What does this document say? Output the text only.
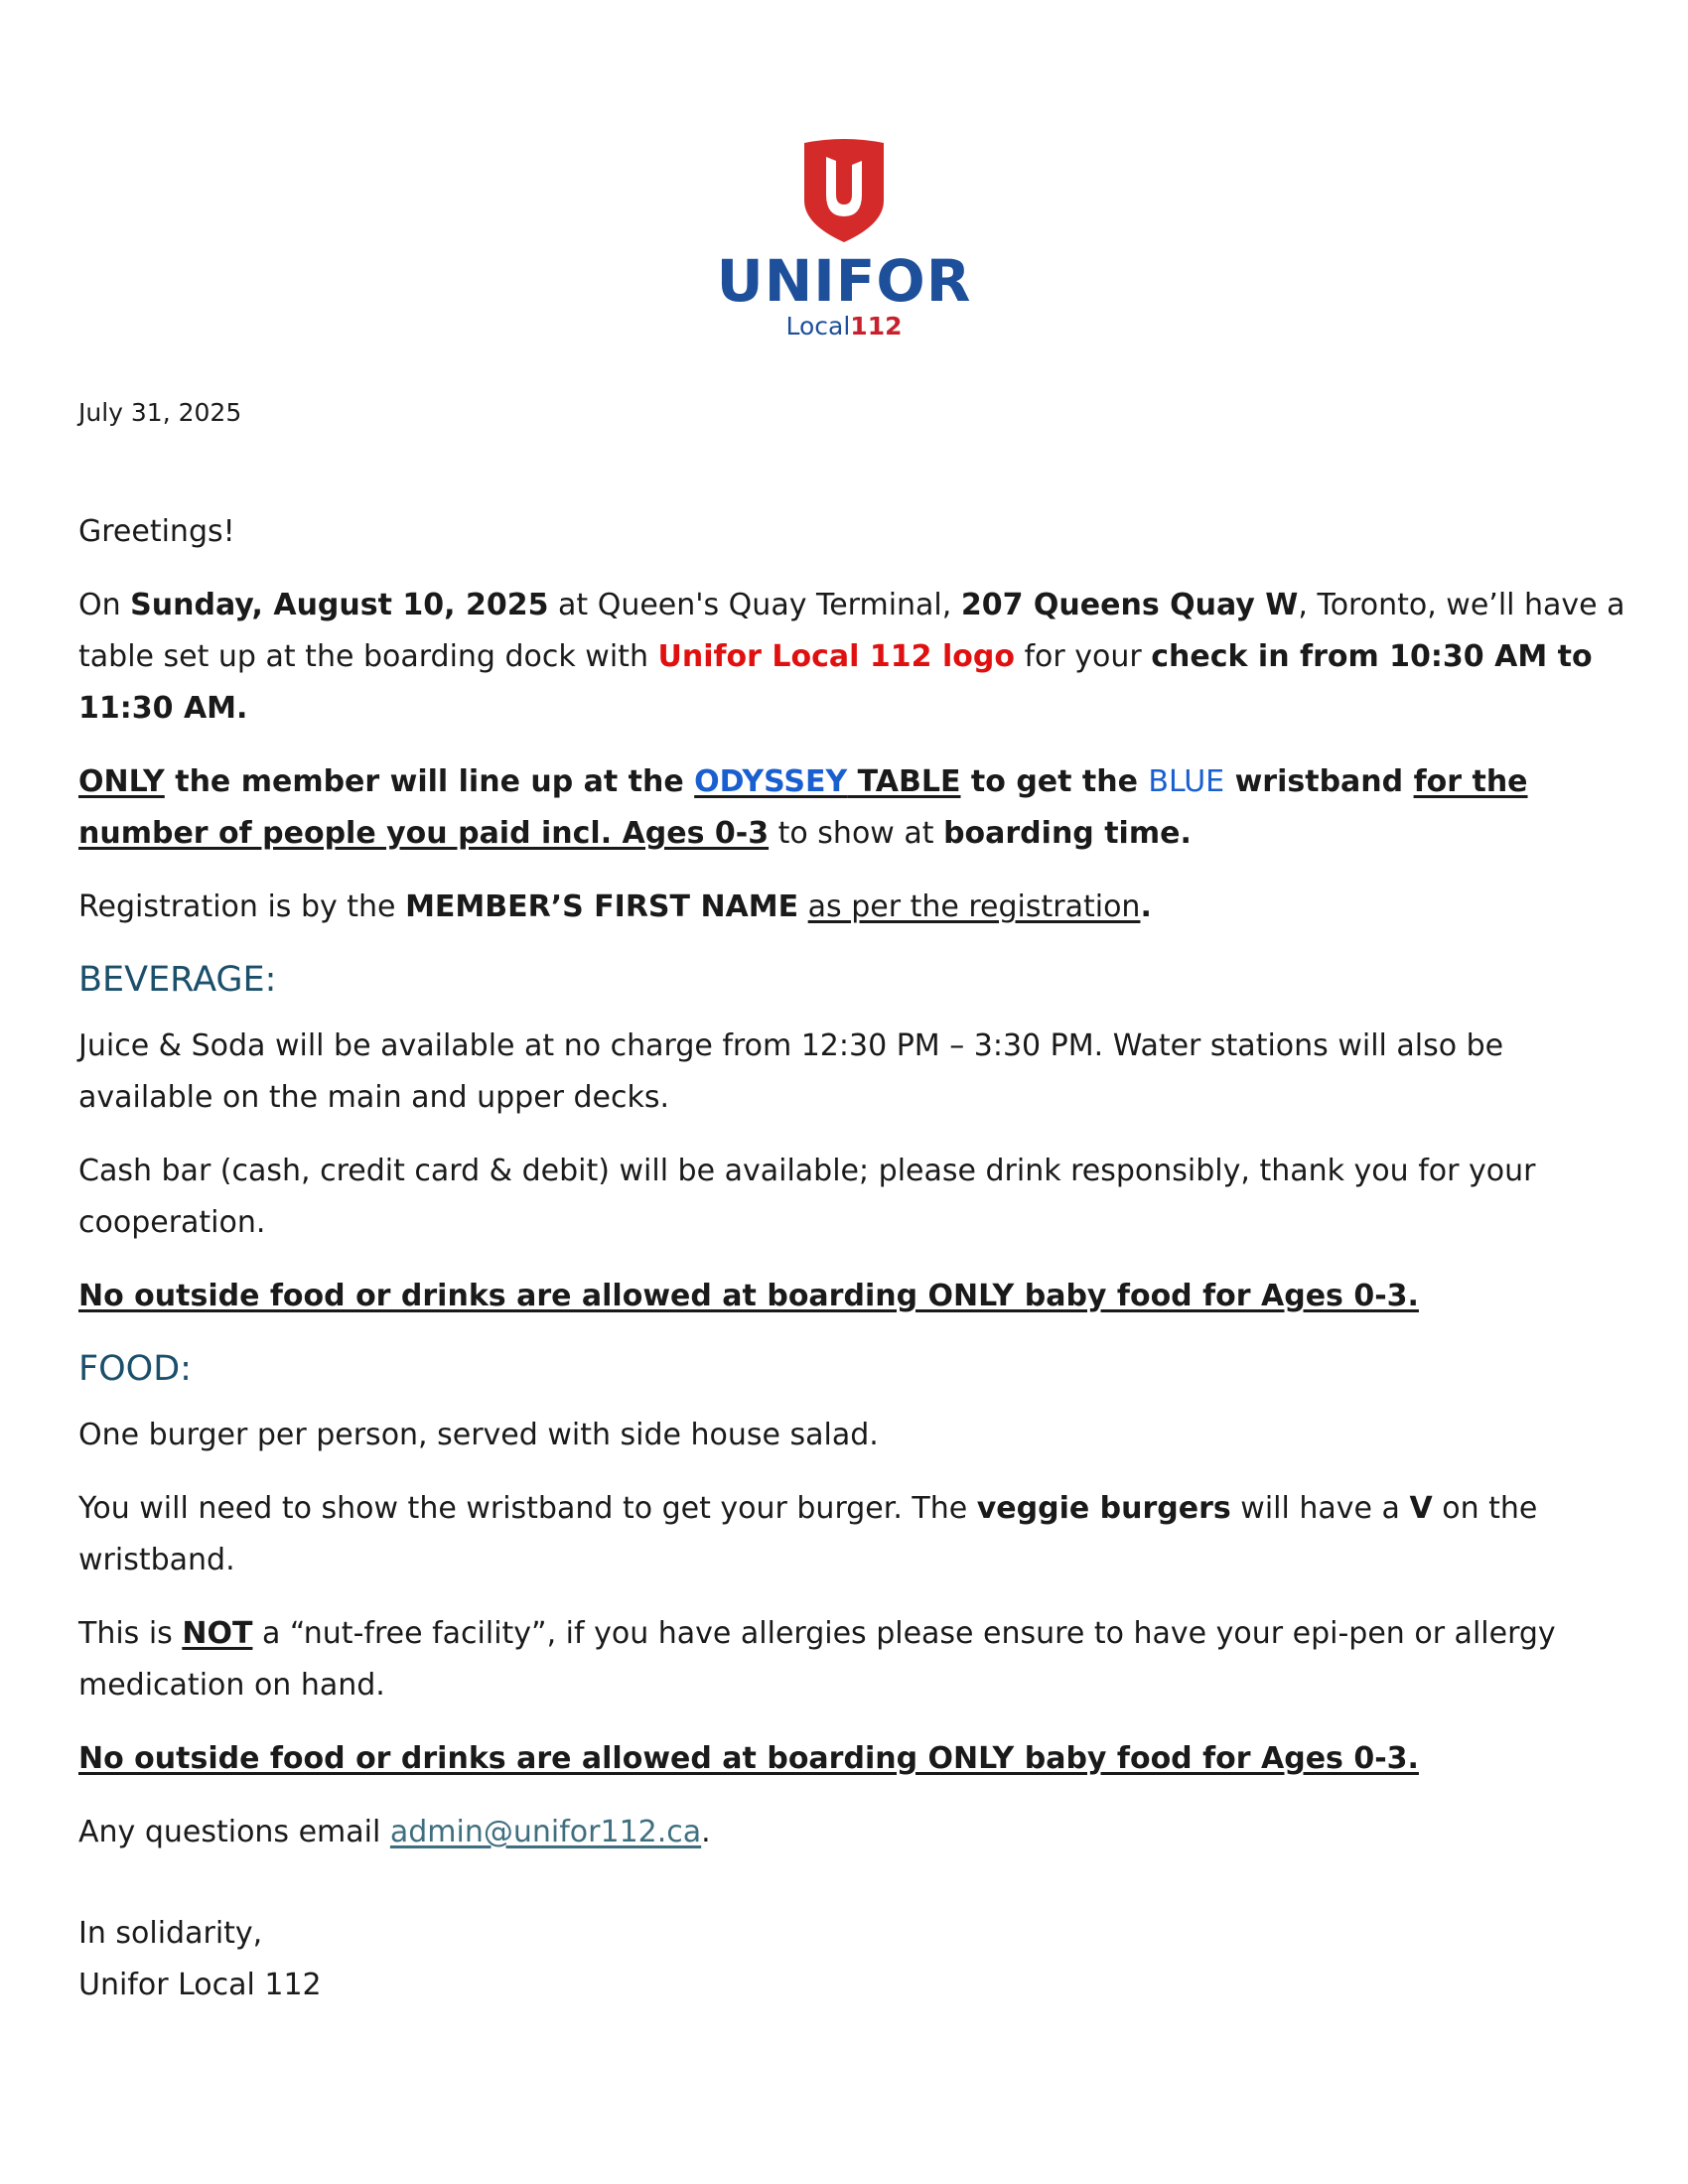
UNIFOR
Local112
July 31, 2025

Greetings!

On Sunday, August 10, 2025 at Queen's Quay Terminal, 207 Queens Quay W, Toronto, we’ll have a table set up at the boarding dock with Unifor Local 112 logo for your check in from 10:30 AM to 11:30 AM.

ONLY the member will line up at the ODYSSEY TABLE to get the BLUE wristband for the number of people you paid incl. Ages 0-3 to show at boarding time.

Registration is by the MEMBER’S FIRST NAME as per the registration.

BEVERAGE:

Juice & Soda will be available at no charge from 12:30 PM – 3:30 PM. Water stations will also be available on the main and upper decks.

Cash bar (cash, credit card & debit) will be available; please drink responsibly, thank you for your cooperation.

No outside food or drinks are allowed at boarding ONLY baby food for Ages 0-3.

FOOD:

One burger per person, served with side house salad.

You will need to show the wristband to get your burger. The veggie burgers will have a V on the wristband.

This is NOT a “nut-free facility”, if you have allergies please ensure to have your epi-pen or allergy medication on hand.

No outside food or drinks are allowed at boarding ONLY baby food for Ages 0-3.

Any questions email admin@unifor112.ca.

In solidarity,
Unifor Local 112
